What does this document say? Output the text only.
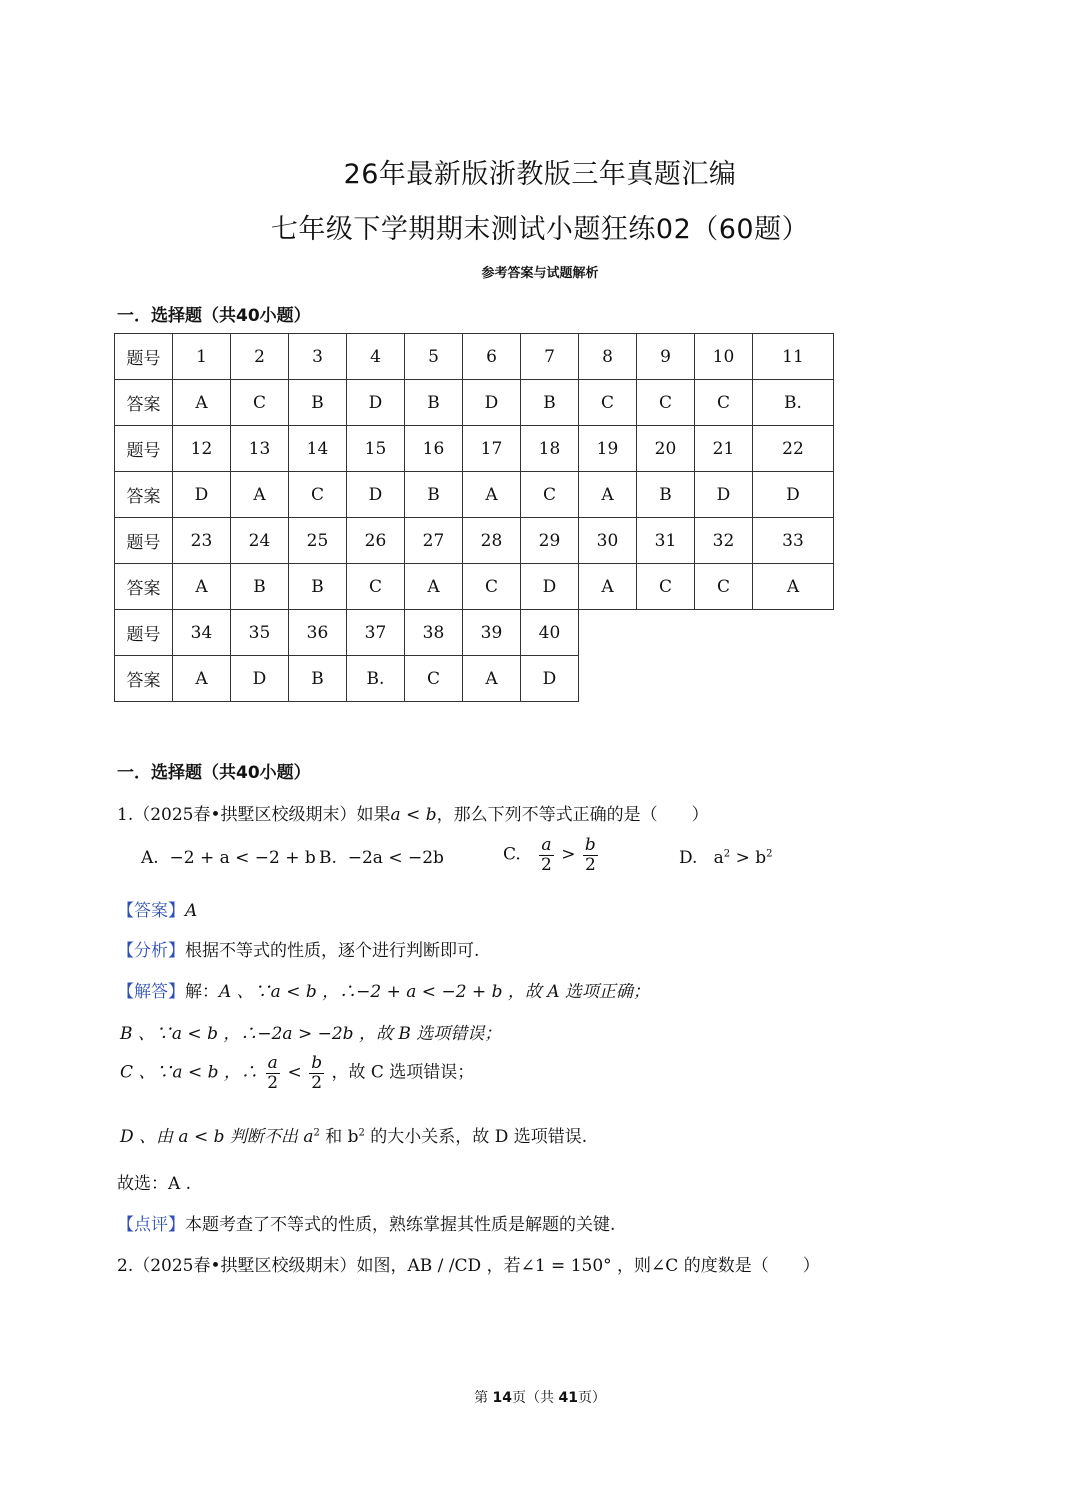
26年最新版浙教版三年真题汇编
七年级下学期期末测试小题狂练02（60题）
参考答案与试题解析
一．选择题（共40小题）
题号	1	2	3	4	5	6	7	8	9	10	11
答案	A	C	B	D	B	D	B	C	C	C	B.
题号	12	13	14	15	16	17	18	19	20	21	22
答案	D	A	C	D	B	A	C	A	B	D	D
题号	23	24	25	26	27	28	29	30	31	32	33
答案	A	B	B	C	A	C	D	A	C	C	A
题号	34	35	36	37	38	39	40				
答案	A	D	B	B.	C	A	D				
一．选择题（共40小题）
1.（2025春•拱墅区校级期末）如果a < b，那么下列不等式正确的是（　　）
A. −2 + a < −2 + b B. −2a < −2b	C. $\frac{a}{2} > \frac{b}{2}$	D. $a^2 > b^2$
【答案】A
【分析】根据不等式的性质，逐个进行判断即可.
【解答】解：A 、∵a < b ，∴−2 + a < −2 + b ，故 A 选项正确；
B 、∵a < b ，∴−2a > −2b ，故 B 选项错误；
C 、∵a < b ，∴ $\frac{a}{2} < \frac{b}{2}$ ，故 C 选项错误；
D 、由 a < b 判断不出 $a^2$ 和 $b^2$ 的大小关系，故 D 选项错误.
故选：A .
【点评】本题考查了不等式的性质，熟练掌握其性质是解题的关键.
2.（2025春•拱墅区校级期末）如图，AB / /CD ，若∠1 = 150° ，则∠C 的度数是（　　）
第 14页（共 41页）
